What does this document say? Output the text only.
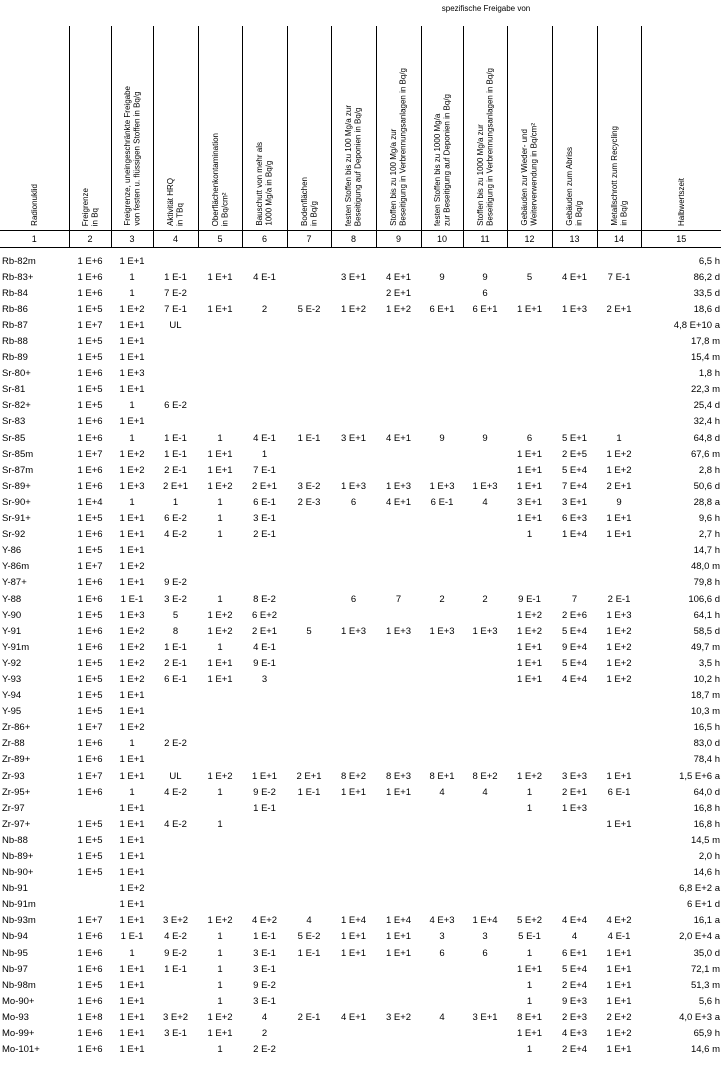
							spezifische Freigabe von							

Radionuklid	Freigrenze in Bq	Freigrenze, uneingeschränkte Freigabe von festen u. flüssigen Stoffen in Bq/g	Aktivität HRQ in TBq	Oberflächenkontamination in Bq/cm²	Bauschutt von mehr als 1000 Mg/a in Bq/g	Bodenflächen in Bq/g	festen Stoffen bis zu 100 Mg/a zur Beseitigung auf Deponien in Bq/g	Stoffen bis zu 100 Mg/a zur Beseitigung in Verbrennungsanlagen in Bq/g	festen Stoffen bis zu 1000 Mg/a zur Beseitigung auf Deponien in Bq/g	Stoffen bis zu 1000 Mg/a zur Beseitigung in Verbrennungsanlagen in Bq/g	Gebäuden zur Wieder- und Weiterverwendung in Bq/cm²	Gebäuden zum Abriss in Bq/g	Metallschrott zum Recycling in Bq/g	Halbwertszeit

1	2	3	4	5	6	7	8	9	10	11	12	13	14	15

Rb-82m	1 E+6	1 E+1												6,5 h
Rb-83+	1 E+6	1	1 E-1	1 E+1	4 E-1		3 E+1	4 E+1	9	9	5	4 E+1	7 E-1	86,2 d
Rb-84	1 E+6	1	7 E-2					2 E+1		6				33,5 d
Rb-86	1 E+5	1 E+2	7 E-1	1 E+1	2	5 E-2	1 E+2	1 E+2	6 E+1	6 E+1	1 E+1	1 E+3	2 E+1	18,6 d
Rb-87	1 E+7	1 E+1	UL											4,8 E+10 a
Rb-88	1 E+5	1 E+1												17,8 m
Rb-89	1 E+5	1 E+1												15,4 m
Sr-80+	1 E+6	1 E+3												1,8 h
Sr-81	1 E+5	1 E+1												22,3 m
Sr-82+	1 E+5	1	6 E-2											25,4 d
Sr-83	1 E+6	1 E+1												32,4 h
Sr-85	1 E+6	1	1 E-1	1	4 E-1	1 E-1	3 E+1	4 E+1	9	9	6	5 E+1	1	64,8 d
Sr-85m	1 E+7	1 E+2	1 E-1	1 E+1	1						1 E+1	2 E+5	1 E+2	67,6 m
Sr-87m	1 E+6	1 E+2	2 E-1	1 E+1	7 E-1						1 E+1	5 E+4	1 E+2	2,8 h
Sr-89+	1 E+6	1 E+3	2 E+1	1 E+2	2 E+1	3 E-2	1 E+3	1 E+3	1 E+3	1 E+3	1 E+1	7 E+4	2 E+1	50,6 d
Sr-90+	1 E+4	1	1	1	6 E-1	2 E-3	6	4 E+1	6 E-1	4	3 E+1	3 E+1	9	28,8 a
Sr-91+	1 E+5	1 E+1	6 E-2	1	3 E-1						1 E+1	6 E+3	1 E+1	9,6 h
Sr-92	1 E+6	1 E+1	4 E-2	1	2 E-1						1	1 E+4	1 E+1	2,7 h
Y-86	1 E+5	1 E+1												14,7 h
Y-86m	1 E+7	1 E+2												48,0 m
Y-87+	1 E+6	1 E+1	9 E-2											79,8 h
Y-88	1 E+6	1 E-1	3 E-2	1	8 E-2		6	7	2	2	9 E-1	7	2 E-1	106,6 d
Y-90	1 E+5	1 E+3	5	1 E+2	6 E+2						1 E+2	2 E+6	1 E+3	64,1 h
Y-91	1 E+6	1 E+2	8	1 E+2	2 E+1	5	1 E+3	1 E+3	1 E+3	1 E+3	1 E+2	5 E+4	1 E+2	58,5 d
Y-91m	1 E+6	1 E+2	1 E-1	1	4 E-1						1 E+1	9 E+4	1 E+2	49,7 m
Y-92	1 E+5	1 E+2	2 E-1	1 E+1	9 E-1						1 E+1	5 E+4	1 E+2	3,5 h
Y-93	1 E+5	1 E+2	6 E-1	1 E+1	3						1 E+1	4 E+4	1 E+2	10,2 h
Y-94	1 E+5	1 E+1												18,7 m
Y-95	1 E+5	1 E+1												10,3 m
Zr-86+	1 E+7	1 E+2												16,5 h
Zr-88	1 E+6	1	2 E-2											83,0 d
Zr-89+	1 E+6	1 E+1												78,4 h
Zr-93	1 E+7	1 E+1	UL	1 E+2	1 E+1	2 E+1	8 E+2	8 E+3	8 E+1	8 E+2	1 E+2	3 E+3	1 E+1	1,5 E+6 a
Zr-95+	1 E+6	1	4 E-2	1	9 E-2	1 E-1	1 E+1	1 E+1	4	4	1	2 E+1	6 E-1	64,0 d
Zr-97		1 E+1			1 E-1						1	1 E+3		16,8 h
Zr-97+	1 E+5	1 E+1	4 E-2	1									1 E+1	16,8 h
Nb-88	1 E+5	1 E+1												14,5 m
Nb-89+	1 E+5	1 E+1												2,0 h
Nb-90+	1 E+5	1 E+1												14,6 h
Nb-91		1 E+2												6,8 E+2 a
Nb-91m		1 E+1												6 E+1 d
Nb-93m	1 E+7	1 E+1	3 E+2	1 E+2	4 E+2	4	1 E+4	1 E+4	4 E+3	1 E+4	5 E+2	4 E+4	4 E+2	16,1 a
Nb-94	1 E+6	1 E-1	4 E-2	1	1 E-1	5 E-2	1 E+1	1 E+1	3	3	5 E-1	4	4 E-1	2,0 E+4 a
Nb-95	1 E+6	1	9 E-2	1	3 E-1	1 E-1	1 E+1	1 E+1	6	6	1	6 E+1	1 E+1	35,0 d
Nb-97	1 E+6	1 E+1	1 E-1	1	3 E-1						1 E+1	5 E+4	1 E+1	72,1 m
Nb-98m	1 E+5	1 E+1		1	9 E-2						1	2 E+4	1 E+1	51,3 m
Mo-90+	1 E+6	1 E+1		1	3 E-1						1	9 E+3	1 E+1	5,6 h
Mo-93	1 E+8	1 E+1	3 E+2	1 E+2	4	2 E-1	4 E+1	3 E+2	4	3 E+1	8 E+1	2 E+3	2 E+2	4,0 E+3 a
Mo-99+	1 E+6	1 E+1	3 E-1	1 E+1	2						1 E+1	4 E+3	1 E+2	65,9 h
Mo-101+	1 E+6	1 E+1		1	2 E-2						1	2 E+4	1 E+1	14,6 m
